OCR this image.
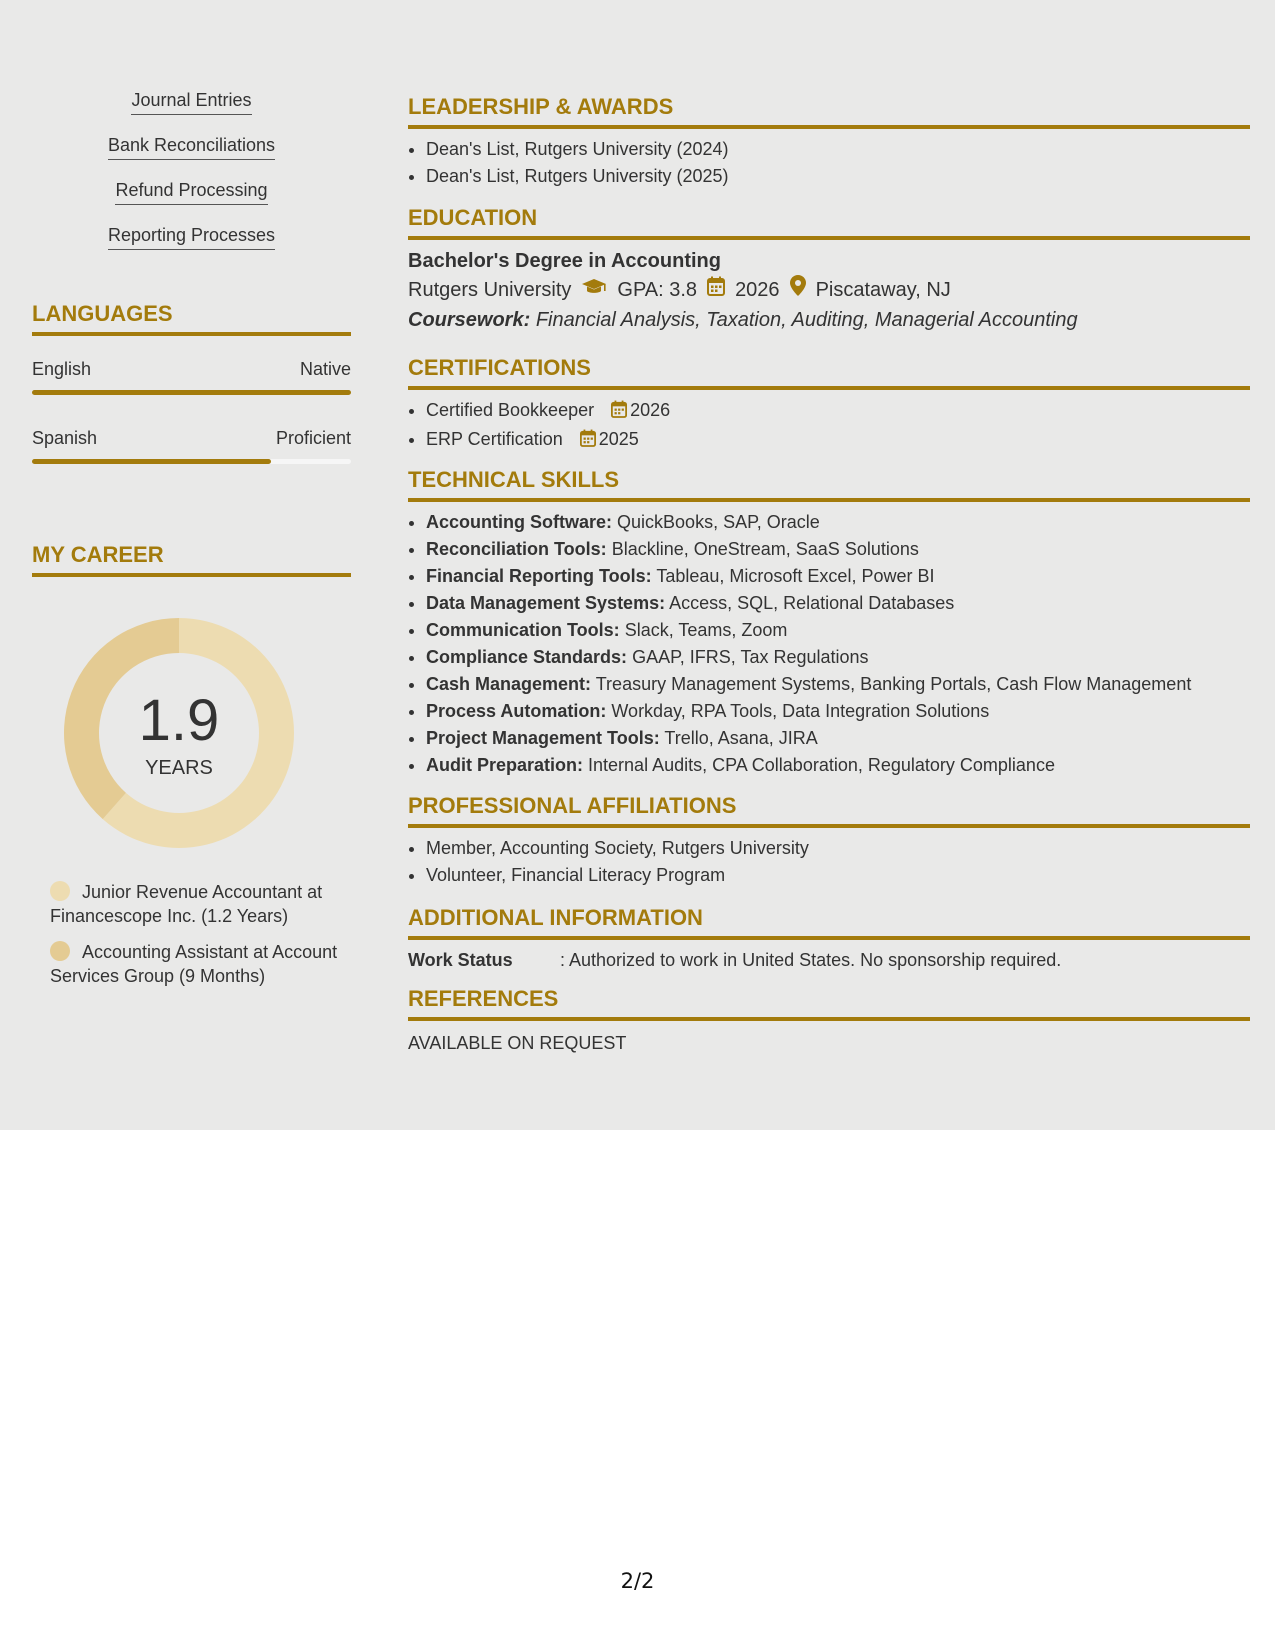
Journal Entries
Bank Reconciliations
Refund Processing
Reporting Processes
LANGUAGES
English	Native
Spanish	Proficient
MY CAREER
1.9
YEARS
Junior Revenue Accountant at Financescope Inc. (1.2 Years)
Accounting Assistant at Account Services Group (9 Months)
LEADERSHIP & AWARDS
• Dean's List, Rutgers University (2024)
• Dean's List, Rutgers University (2025)
EDUCATION
Bachelor's Degree in Accounting
Rutgers University GPA: 3.8 2026 Piscataway, NJ
Coursework: Financial Analysis, Taxation, Auditing, Managerial Accounting
CERTIFICATIONS
• Certified Bookkeeper 2026
• ERP Certification 2025
TECHNICAL SKILLS
• Accounting Software: QuickBooks, SAP, Oracle
• Reconciliation Tools: Blackline, OneStream, SaaS Solutions
• Financial Reporting Tools: Tableau, Microsoft Excel, Power BI
• Data Management Systems: Access, SQL, Relational Databases
• Communication Tools: Slack, Teams, Zoom
• Compliance Standards: GAAP, IFRS, Tax Regulations
• Cash Management: Treasury Management Systems, Banking Portals, Cash Flow Management
• Process Automation: Workday, RPA Tools, Data Integration Solutions
• Project Management Tools: Trello, Asana, JIRA
• Audit Preparation: Internal Audits, CPA Collaboration, Regulatory Compliance
PROFESSIONAL AFFILIATIONS
• Member, Accounting Society, Rutgers University
• Volunteer, Financial Literacy Program
ADDITIONAL INFORMATION
Work Status	: Authorized to work in United States. No sponsorship required.
REFERENCES
AVAILABLE ON REQUEST
2/2
